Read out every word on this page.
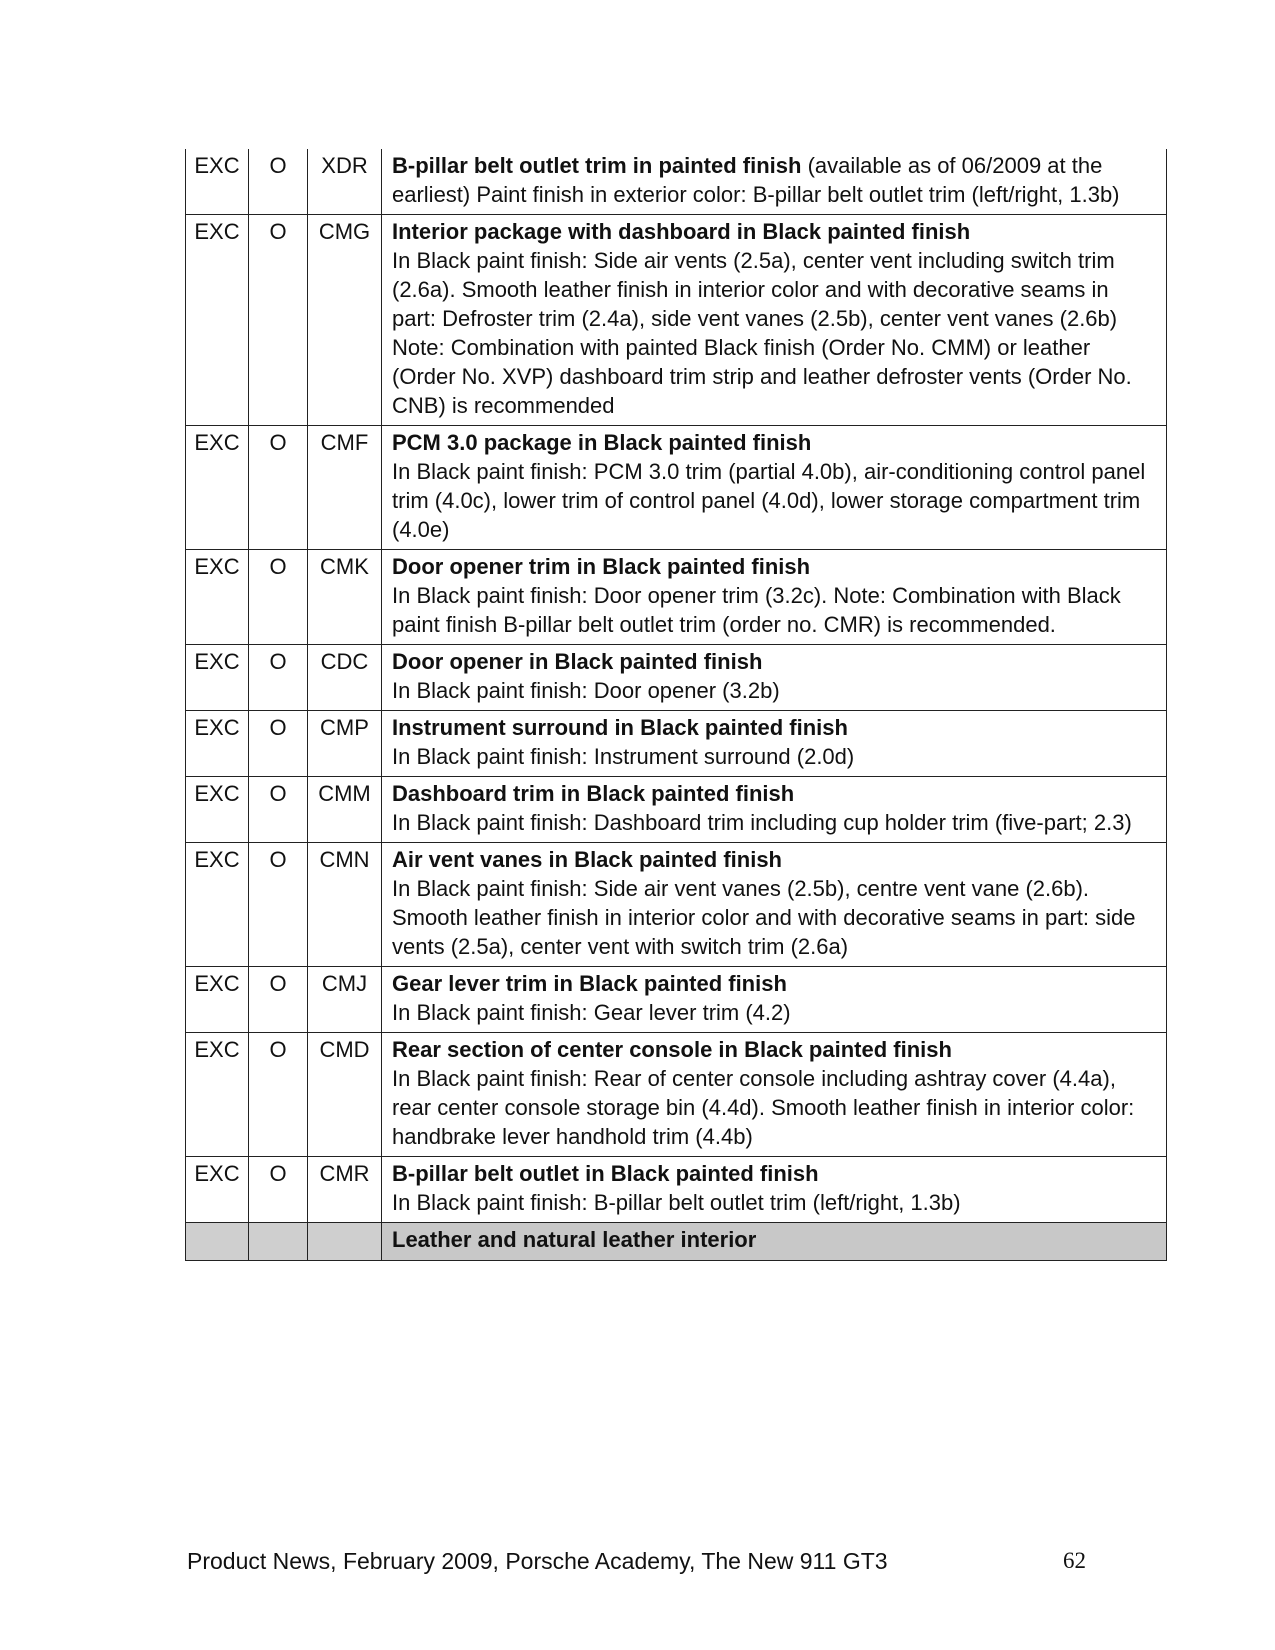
EXC	O	XDR	B-pillar belt outlet trim in painted finish (available as of 06/2009 at the earliest) Paint finish in exterior color: B-pillar belt outlet trim (left/right, 1.3b)
EXC	O	CMG	Interior package with dashboard in Black painted finish
In Black paint finish: Side air vents (2.5a), center vent including switch trim (2.6a). Smooth leather finish in interior color and with decorative seams in part: Defroster trim (2.4a), side vent vanes (2.5b), center vent vanes (2.6b) Note: Combination with painted Black finish (Order No. CMM) or leather (Order No. XVP) dashboard trim strip and leather defroster vents (Order No. CNB) is recommended

EXC	O	CMF	PCM 3.0 package in Black painted finish
In Black paint finish: PCM 3.0 trim (partial 4.0b), air-conditioning control panel trim (4.0c), lower trim of control panel (4.0d), lower storage compartment trim (4.0e)

EXC	O	CMK	Door opener trim in Black painted finish
In Black paint finish: Door opener trim (3.2c). Note: Combination with Black paint finish B-pillar belt outlet trim (order no. CMR) is recommended.

EXC	O	CDC	Door opener in Black painted finish
In Black paint finish: Door opener (3.2b)

EXC	O	CMP	Instrument surround in Black painted finish
In Black paint finish: Instrument surround (2.0d)

EXC	O	CMM	Dashboard trim in Black painted finish
In Black paint finish: Dashboard trim including cup holder trim (five-part; 2.3)

EXC	O	CMN	Air vent vanes in Black painted finish
In Black paint finish: Side air vent vanes (2.5b), centre vent vane (2.6b). Smooth leather finish in interior color and with decorative seams in part: side vents (2.5a), center vent with switch trim (2.6a)

EXC	O	CMJ	Gear lever trim in Black painted finish
In Black paint finish: Gear lever trim (4.2)

EXC	O	CMD	Rear section of center console in Black painted finish
In Black paint finish: Rear of center console including ashtray cover (4.4a), rear center console storage bin (4.4d). Smooth leather finish in interior color: handbrake lever handhold trim (4.4b)

EXC	O	CMR	B-pillar belt outlet in Black painted finish
In Black paint finish: B-pillar belt outlet trim (left/right, 1.3b)

			Leather and natural leather interior
Product News, February 2009, Porsche Academy, The New 911 GT3	62
